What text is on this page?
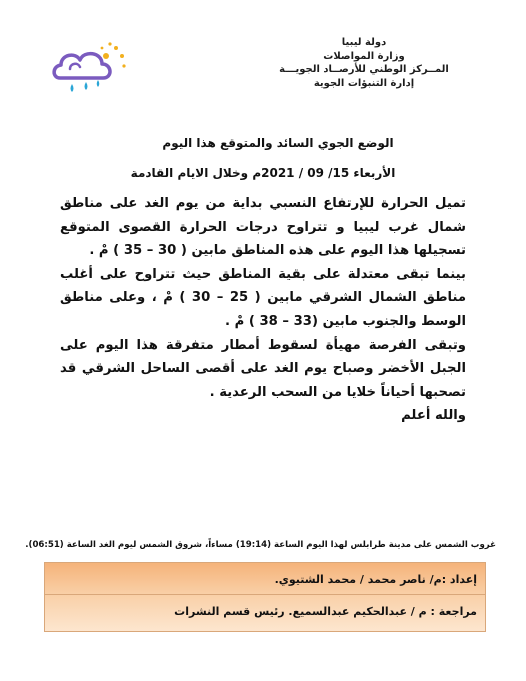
دولة ليبيا
وزارة المواصلات
المــركز الوطني للأرصــاد الجويـــة
إدارة التنبؤات الجوية
الوضع الجوي السائد والمتوقع هذا اليوم
الأربعاء 15/ 09 / 2021م وخلال الايام القادمة

تميل الحرارة للإرتفاع النسبي بداية من يوم الغد على مناطق شمال غرب ليبيا و تتراوح درجات الحرارة القصوى المتوقع تسجيلها هذا اليوم على هذه المناطق مابين ( 30 – 35 ) مْ .

بينما تبقى معتدلة على بقية المناطق حيث تتراوح على أغلب مناطق الشمال الشرقي مابين ( 25 – 30 ) مْ ، وعلى مناطق الوسط والجنوب مابين (33 – 38 ) مْ .

وتبقى الفرصة مهيأة لسقوط أمطار متفرقة هذا اليوم على الجبل الأخضر وصباح يوم الغد على أقصى الساحل الشرقي قد تصحبها أحياناً خلايا من السحب الرعدية .

والله أعلم

غروب الشمس على مدينة طرابلس لهذا اليوم الساعة (19:14) مساءاً، شروق الشمس ليوم الغد الساعة (06:51).
إعداد :م/ ناصر محمد / محمد الشتيوي.
مراجعة : م / عبدالحكيم عبدالسميع. رئيس قسم النشرات
